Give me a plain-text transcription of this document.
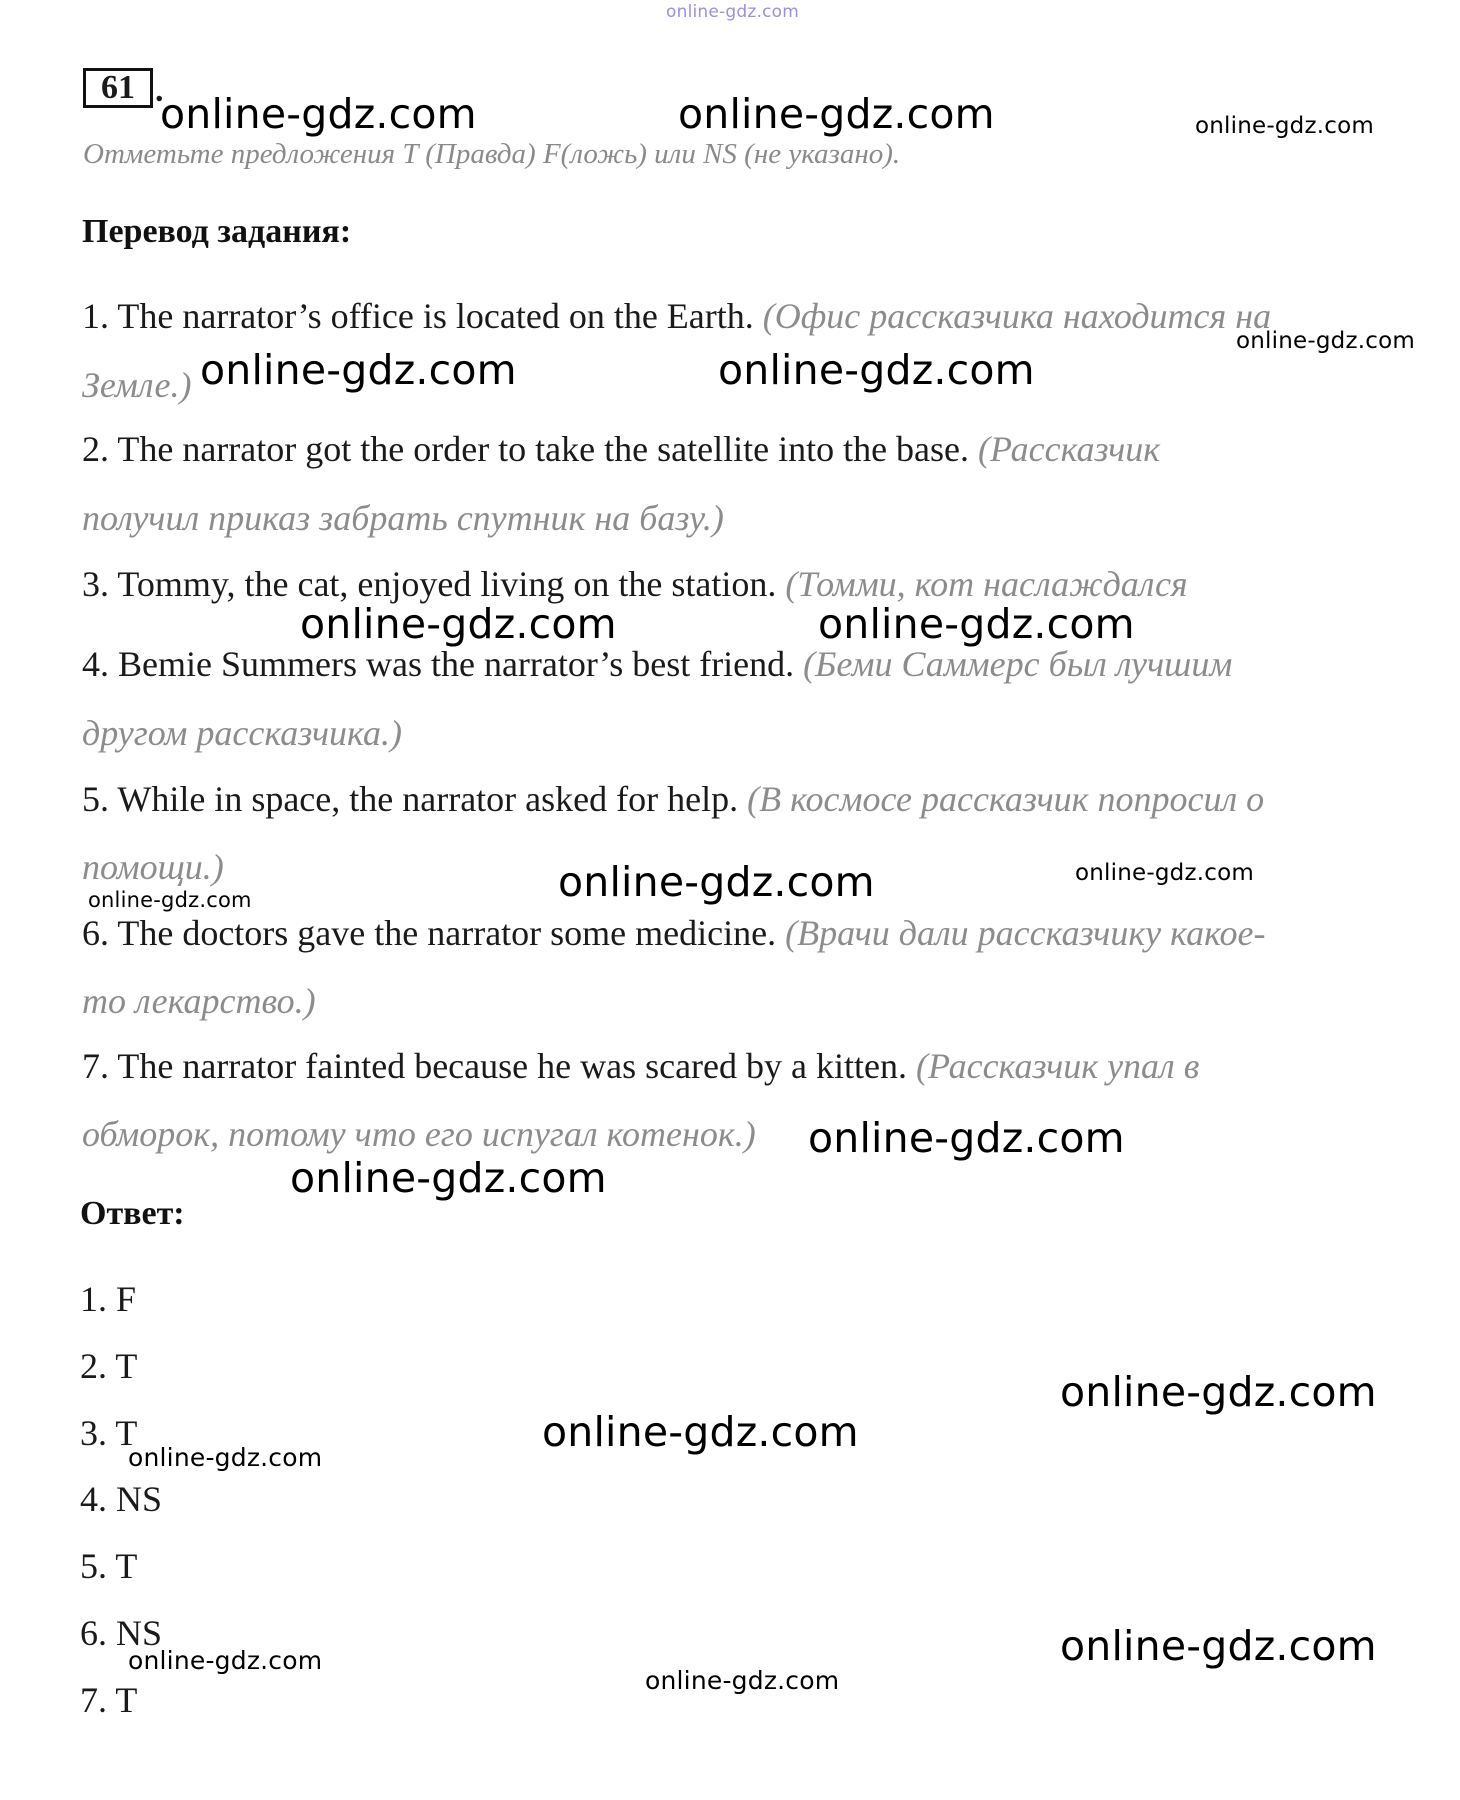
online-gdz.com
61 .
online-gdz.com	online-gdz.com	online-gdz.com
Отметьте предложения T (Правда) F(ложь) или NS (не указано).
Перевод задания:
1. The narrator’s office is located on the Earth. (Офис рассказчика находится на
Земле.)
online-gdz.com
online-gdz.com	online-gdz.com
2. The narrator got the order to take the satellite into the base. (Рассказчик
получил приказ забрать спутник на базу.)
3. Tommy, the cat, enjoyed living on the station. (Томми, кот наслаждался
online-gdz.com	online-gdz.com
4. Bemie Summers was the narrator’s best friend. (Беми Саммерс был лучшим
другом рассказчика.)
5. While in space, the narrator asked for help. (В космосе рассказчик попросил о
помощи.)	online-gdz.com	online-gdz.com
online-gdz.com
6. The doctors gave the narrator some medicine. (Врачи дали рассказчику какое-
то лекарство.)
7. The narrator fainted because he was scared by a kitten. (Рассказчик упал в
обморок, потому что его испугал котенок.) online-gdz.com
online-gdz.com
Ответ:
1. F
2. T
3. T
4. NS
5. T
6. NS
7. T
online-gdz.com
online-gdz.com
online-gdz.com
online-gdz.com
online-gdz.com
online-gdz.com
